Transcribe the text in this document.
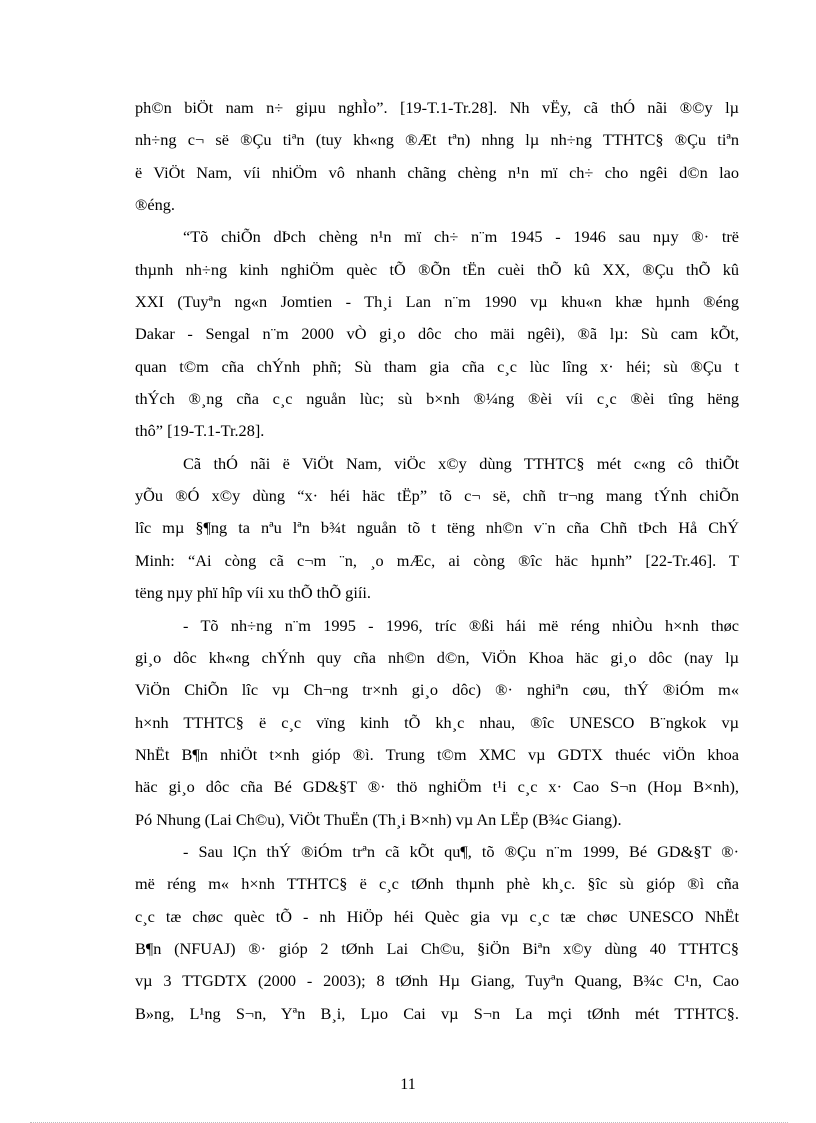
ph©n biÖt nam n÷ giµu nghÌo”. [19-T.1-Tr.28]. Nh vËy, cã thÓ nãi ®©y lµ
nh÷ng c¬ së ®Çu tiªn (tuy kh«ng ®Æt tªn) nhng lµ nh÷ng TTHTC§ ®Çu tiªn
ë ViÖt Nam, víi nhiÖm vô nhanh chãng chèng n¹n mï ch÷ cho ngêi d©n lao
®éng.
“Tõ chiÕn dÞch chèng n¹n mï ch÷ n¨m 1945 - 1946 sau nµy ®· trë
thµnh nh÷ng kinh nghiÖm quèc tÕ ®Õn tËn cuèi thÕ kû XX, ®Çu thÕ kû
XXI (Tuyªn ng«n Jomtien - Th¸i Lan n¨m 1990 vµ khu«n khæ hµnh ®éng
Dakar - Sengal n¨m 2000 vÒ gi¸o dôc cho mäi ngêi), ®ã lµ: Sù cam kÕt,
quan t©m cña chÝnh phñ; Sù tham gia cña c¸c lùc lîng x· héi; sù ®Çu t
thÝch ®¸ng cña c¸c nguån lùc; sù b×nh ®¼ng ®èi víi c¸c ®èi tîng hëng
thô” [19-T.1-Tr.28].
Cã thÓ nãi ë ViÖt Nam, viÖc x©y dùng TTHTC§ mét c«ng cô thiÕt
yÕu ®Ó x©y dùng “x· héi häc tËp” tõ c¬ së, chñ tr¬ng mang tÝnh chiÕn
lîc mµ §¶ng ta nªu lªn b¾t nguån tõ t tëng nh©n v¨n cña Chñ tÞch Hå ChÝ
Minh: “Ai còng cã c¬m ¨n, ¸o mÆc, ai còng ®îc häc hµnh” [22-Tr.46]. T
tëng nµy phï hîp víi xu thÕ thÕ giíi.
- Tõ nh÷ng n¨m 1995 - 1996, tríc ®ßi hái më réng nhiÒu h×nh thøc
gi¸o dôc kh«ng chÝnh quy cña nh©n d©n, ViÖn Khoa häc gi¸o dôc (nay lµ
ViÖn ChiÕn lîc vµ Ch¬ng tr×nh gi¸o dôc) ®· nghiªn cøu, thÝ ®iÓm m«
h×nh TTHTC§ ë c¸c vïng kinh tÕ kh¸c nhau, ®îc UNESCO B¨ngkok vµ
NhËt B¶n nhiÖt t×nh gióp ®ì. Trung t©m XMC vµ GDTX thuéc viÖn khoa
häc gi¸o dôc cña Bé GD&§T ®· thö nghiÖm t¹i c¸c x· Cao S¬n (Hoµ B×nh),
Pó Nhung (Lai Ch©u), ViÖt ThuËn (Th¸i B×nh) vµ An LËp (B¾c Giang).
- Sau lÇn thÝ ®iÓm trªn cã kÕt qu¶, tõ ®Çu n¨m 1999, Bé GD&§T ®·
më réng m« h×nh TTHTC§ ë c¸c tØnh thµnh phè kh¸c. §îc sù gióp ®ì cña
c¸c tæ chøc quèc tÕ - nh HiÖp héi Quèc gia vµ c¸c tæ chøc UNESCO NhËt
B¶n (NFUAJ) ®· gióp 2 tØnh Lai Ch©u, §iÖn Biªn x©y dùng 40 TTHTC§
vµ 3 TTGDTX (2000 - 2003); 8 tØnh Hµ Giang, Tuyªn Quang, B¾c C¹n, Cao
B»ng, L¹ng S¬n, Yªn B¸i, Lµo Cai vµ S¬n La mçi tØnh mét TTHTC§.
11
